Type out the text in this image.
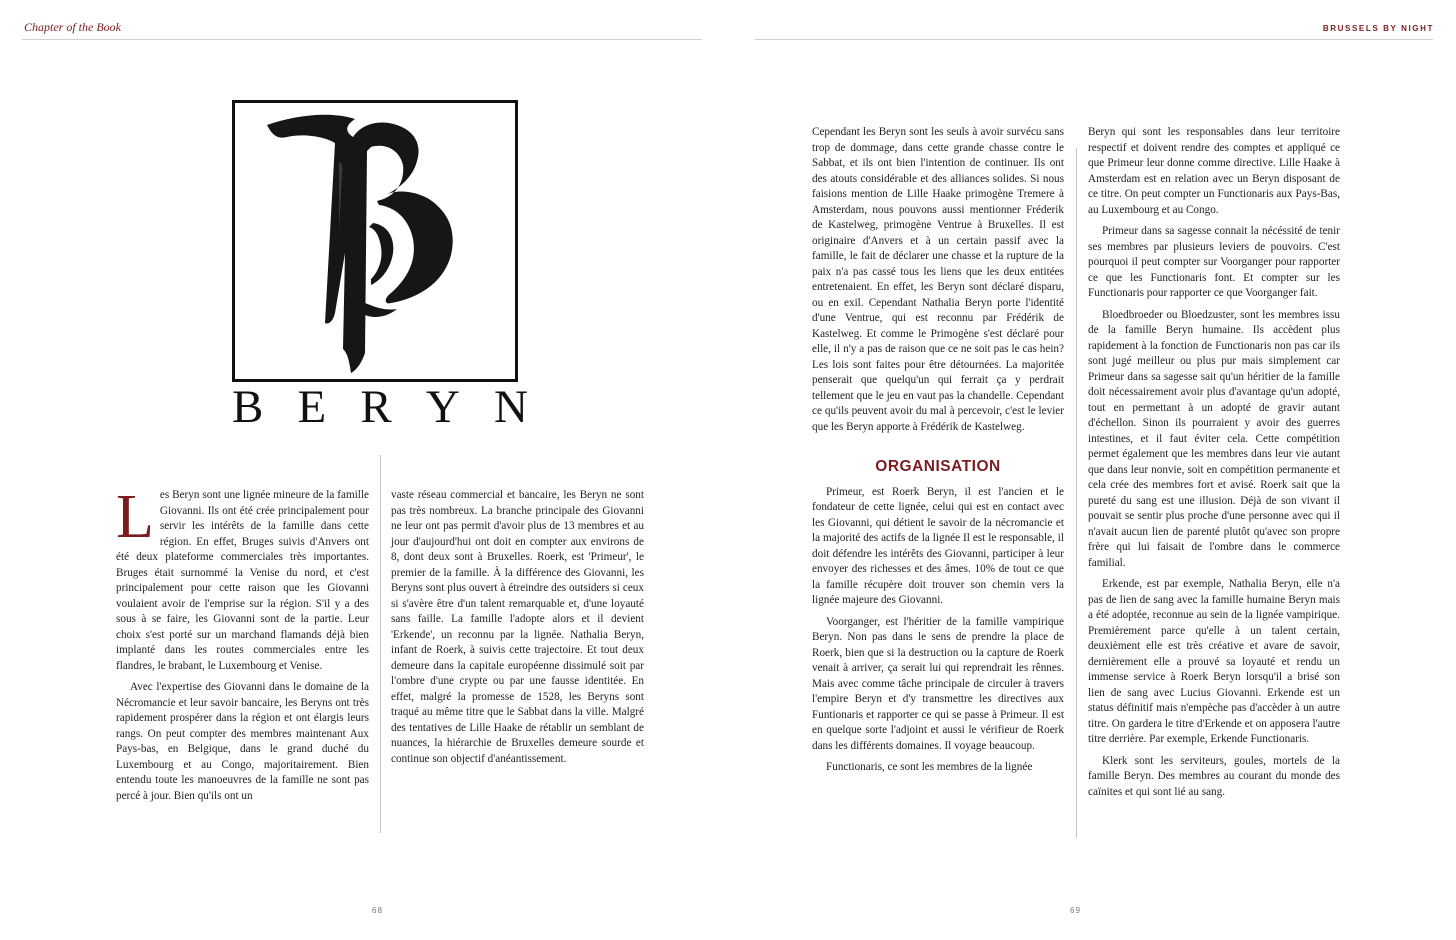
Chapter of the Book	BRUSSELS BY NIGHT
B E R Y N
L es Beryn sont une lignée mineure de la famille Giovanni. Ils ont été crée principalement pour servir les intérêts de la famille dans cette région. En effet, Bruges suivis d'Anvers ont été deux plateforme commerciales très importantes. Bruges était surnommé la Venise du nord, et c'est principalement pour cette raison que les Giovanni voulaient avoir de l'emprise sur la région. S'il y a des sous à se faire, les Giovanni sont de la partie. Leur choix s'est porté sur un marchand flamands déjà bien implanté dans les routes commerciales entre les flandres, le brabant, le Luxembourg et Venise.

Avec l'expertise des Giovanni dans le domaine de la Nécromancie et leur savoir bancaire, les Beryns ont très rapidement prospérer dans la région et ont élargis leurs rangs. On peut compter des membres maintenant Aux Pays-bas, en Belgique, dans le grand duché du Luxembourg et au Congo, majoritairement. Bien entendu toute les manoeuvres de la famille ne sont pas percé à jour. Bien qu'ils ont un

vaste réseau commercial et bancaire, les Beryn ne sont pas très nombreux. La branche principale des Giovanni ne leur ont pas permit d'avoir plus de 13 membres et au jour d'aujourd'hui ont doit en compter aux environs de 8, dont deux sont à Bruxelles. Roerk, est 'Primeur', le premier de la famille. À la différence des Giovanni, les Beryns sont plus ouvert à étreindre des outsiders si ceux si s'avère être d'un talent remarquable et, d'une loyauté sans faille. La famille l'adopte alors et il devient 'Erkende', un reconnu par la lignée. Nathalia Beryn, infant de Roerk, à suivis cette trajectoire. Et tout deux demeure dans la capitale européenne dissimulé soit par l'ombre d'une crypte ou par une fausse identitée. En effet, malgré la promesse de 1528, les Beryns sont traqué au même titre que le Sabbat dans la ville. Malgré des tentatives de Lille Haake de rétablir un semblant de nuances, la hiérarchie de Bruxelles demeure sourde et continue son objectif d'anéantissement.

Cependant les Beryn sont les seuls à avoir survécu sans trop de dommage, dans cette grande chasse contre le Sabbat, et ils ont bien l'intention de continuer. Ils ont des atouts considérable et des alliances solides. Si nous faisions mention de Lille Haake primogène Tremere à Amsterdam, nous pouvons aussi mentionner Fréderik de Kastelweg, primogène Ventrue à Bruxelles. Il est originaire d'Anvers et à un certain passif avec la famille, le fait de déclarer une chasse et la rupture de la paix n'a pas cassé tous les liens que les deux entitées entretenaient. En effet, les Beryn sont déclaré disparu, ou en exil. Cependant Nathalia Beryn porte l'identité d'une Ventrue, qui est reconnu par Frédérik de Kastelweg. Et comme le Primogène s'est déclaré pour elle, il n'y a pas de raison que ce ne soit pas le cas hein? Les lois sont faites pour être détournées. La majoritée penserait que quelqu'un qui ferrait ça y perdrait tellement que le jeu en vaut pas la chandelle. Cependant ce qu'ils peuvent avoir du mal à percevoir, c'est le levier que les Beryn apporte à Frédérik de Kastelweg.

ORGANISATION

Primeur, est Roerk Beryn, il est l'ancien et le fondateur de cette lignée, celui qui est en contact avec les Giovanni, qui détient le savoir de la nécromancie et la majorité des actifs de la lignée Il est le responsable, il doit défendre les intérêts des Giovanni, participer à leur envoyer des richesses et des âmes. 10% de tout ce que la famille récupère doit trouver son chemin vers la lignée majeure des Giovanni.

Voorganger, est l'héritier de la famille vampirique Beryn. Non pas dans le sens de prendre la place de Roerk, bien que si la destruction ou la capture de Roerk venait à arriver, ça serait lui qui reprendrait les rênnes. Mais avec comme tâche principale de circuler à travers l'empire Beryn et d'y transmettre les directives aux Funtionaris et rapporter ce qui se passe à Primeur. Il est en quelque sorte l'adjoint et aussi le vérifieur de Roerk dans les différents domaines. Il voyage beaucoup.

Functionaris, ce sont les membres de la lignée

Beryn qui sont les responsables dans leur territoire respectif et doivent rendre des comptes et appliqué ce que Primeur leur donne comme directive. Lille Haake à Amsterdam est en relation avec un Beryn disposant de ce titre. On peut compter un Functionaris aux Pays-Bas, au Luxembourg et au Congo.

Primeur dans sa sagesse connait la nécéssité de tenir ses membres par plusieurs leviers de pouvoirs. C'est pourquoi il peut compter sur Voorganger pour rapporter ce que les Functionaris font. Et compter sur les Functionaris pour rapporter ce que Voorganger fait.

Bloedbroeder ou Bloedzuster, sont les membres issu de la famille Beryn humaine. Ils accèdent plus rapidement à la fonction de Functionaris non pas car ils sont jugé meilleur ou plus pur mais simplement car Primeur dans sa sagesse sait qu'un héritier de la famille doit nécessairement avoir plus d'avantage qu'un adopté, tout en permettant à un adopté de gravir autant d'échellon. Sinon ils pourraient y avoir des guerres intestines, et il faut éviter cela. Cette compétition permet également que les membres dans leur vie autant que dans leur nonvie, soit en compétition permanente et cela crée des membres fort et avisé. Roerk sait que la pureté du sang est une illusion. Déjà de son vivant il pouvait se sentir plus proche d'une personne avec qui il n'avait aucun lien de parenté plutôt qu'avec son propre frère qui lui faisait de l'ombre dans le commerce familial.

Erkende, est par exemple, Nathalia Beryn, elle n'a pas de lien de sang avec la famille humaine Beryn mais a été adoptée, reconnue au sein de la lignée vampirique. Premièrement parce qu'elle à un talent certain, deuxièment elle est très créative et avare de savoir, dernièrement elle a prouvé sa loyauté et rendu un immense service à Roerk Beryn lorsqu'il a brisé son lien de sang avec Lucius Giovanni. Erkende est un status définitif mais n'empèche pas d'accèder à un autre titre. On gardera le titre d'Erkende et on apposera l'autre titre derrière. Par exemple, Erkende Functionaris.

Klerk sont les serviteurs, goules, mortels de la famille Beryn. Des membres au courant du monde des caïnites et qui sont lié au sang.

68	69
